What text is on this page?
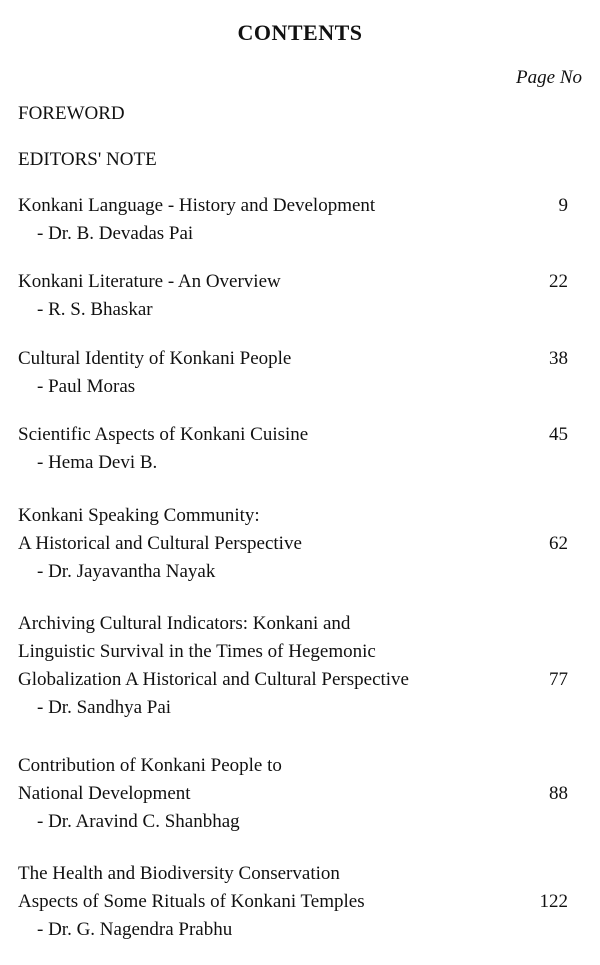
CONTENTS
Page No
FOREWORD
EDITORS' NOTE
Konkani Language - History and Development
- Dr. B. Devadas Pai
9
Konkani Literature - An Overview
- R. S. Bhaskar
22
Cultural Identity of Konkani People
- Paul Moras
38
Scientific Aspects of Konkani Cuisine
- Hema Devi B.
45
Konkani Speaking Community:
A Historical and Cultural Perspective
- Dr. Jayavantha Nayak
62
Archiving Cultural Indicators: Konkani and
Linguistic Survival in the Times of Hegemonic
Globalization A Historical and Cultural Perspective
- Dr. Sandhya Pai
77
Contribution of Konkani People to
National Development
- Dr. Aravind C. Shanbhag
88
The Health and Biodiversity Conservation
Aspects of Some Rituals of Konkani Temples
- Dr. G. Nagendra Prabhu
122
